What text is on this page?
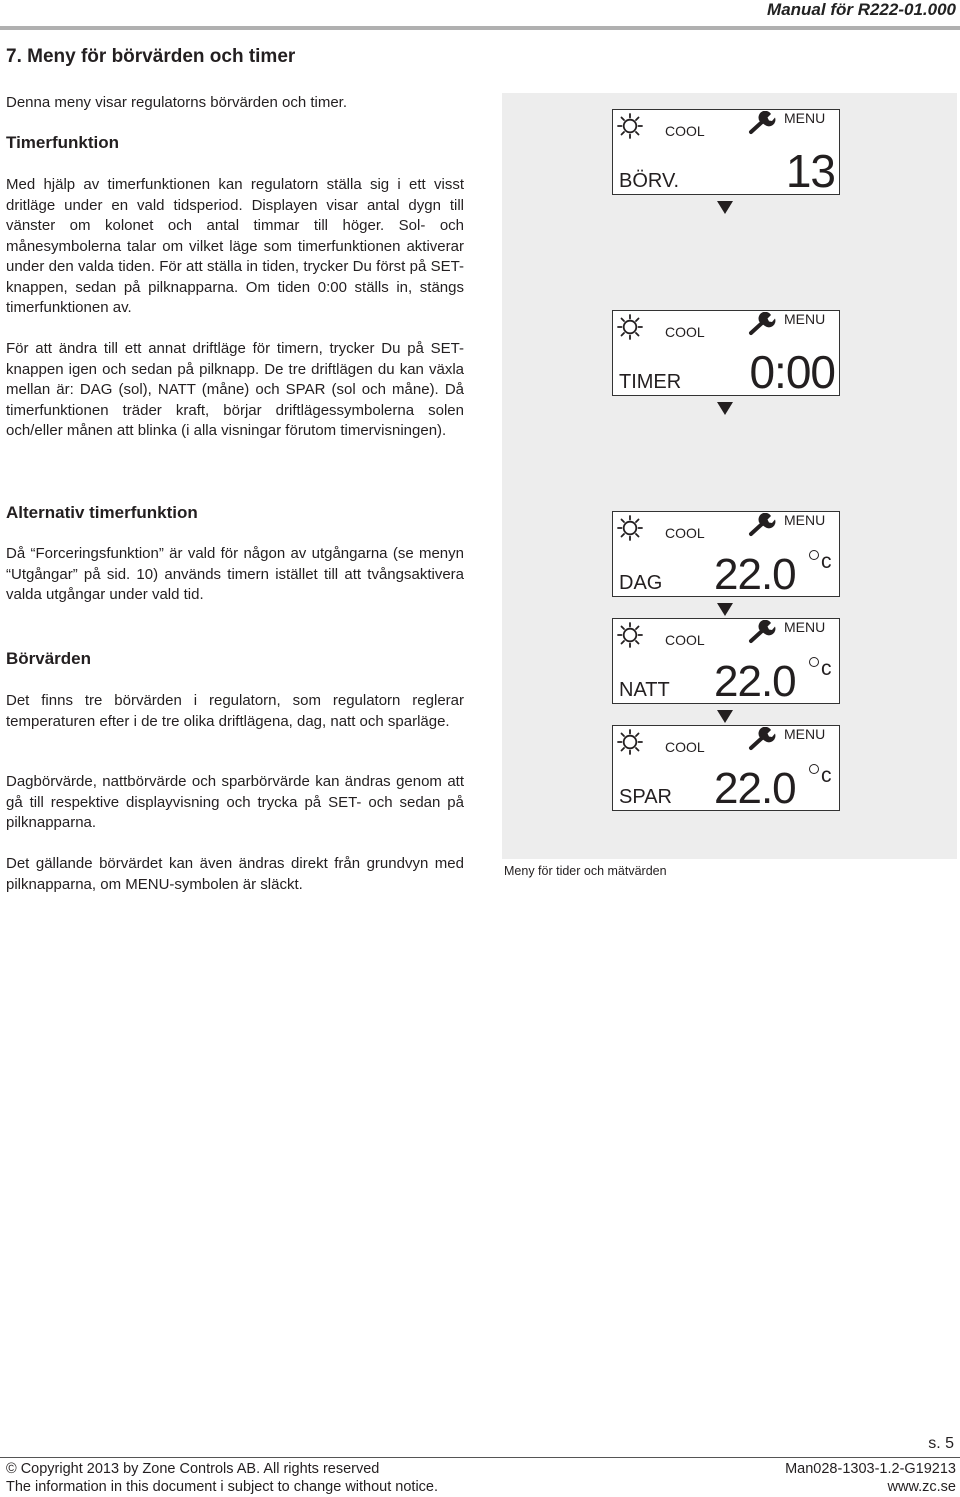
Manual för R222-01.000
7. Meny för börvärden och timer

Denna meny visar regulatorns börvärden och timer.

Timerfunktion

Med hjälp av timerfunktionen kan regulatorn ställa sig i ett visst dritläge under en vald tidsperiod. Displayen visar antal dygn till vänster om kolonet och antal timmar till höger. Sol- och månesymbolerna talar om vilket läge som timerfunktionen aktiverar under den valda tiden. För att ställa in tiden, trycker Du först på SET-knappen, sedan på pilknapparna. Om tiden 0:00 ställs in, stängs timerfunktionen av.

För att ändra till ett annat driftläge för timern, trycker Du på SET-knappen igen och sedan på pilknapp. De tre driftlägen du kan växla mellan är: DAG (sol), NATT (måne) och SPAR (sol och måne). Då timerfunktionen träder kraft, börjar driftlägessymbolerna solen och/eller månen att blinka (i alla visningar förutom timervisningen).

Alternativ timerfunktion

Då “Forceringsfunktion” är vald för någon av utgångarna (se menyn “Utgångar” på sid. 10) används timern istället till att tvångsaktivera valda utgångar under vald tid.

Börvärden

Det finns tre börvärden i regulatorn, som regulatorn reglerar temperaturen efter i de tre olika driftlägena, dag, natt och sparläge.

Dagbörvärde, nattbörvärde och sparbörvärde kan ändras genom att gå till respektive displayvisning och trycka på SET- och sedan på pilknapparna.

Det gällande börvärdet kan även ändras direkt från grundvyn med pilknapparna, om MENU-symbolen är släckt.

COOL
MENU
BÖRV. 13
COOL
MENU
TIMER 0:00
COOL
MENU
DAG 22.0 c
COOL
MENU
NATT 22.0 c
COOL
MENU
SPAR 22.0 c
Meny för tider och mätvärden
s. 5
© Copyright 2013 by Zone Controls AB. All rights reserved
The information in this document i subject to change without notice.
Man028-1303-1.2-G19213
www.zc.se
